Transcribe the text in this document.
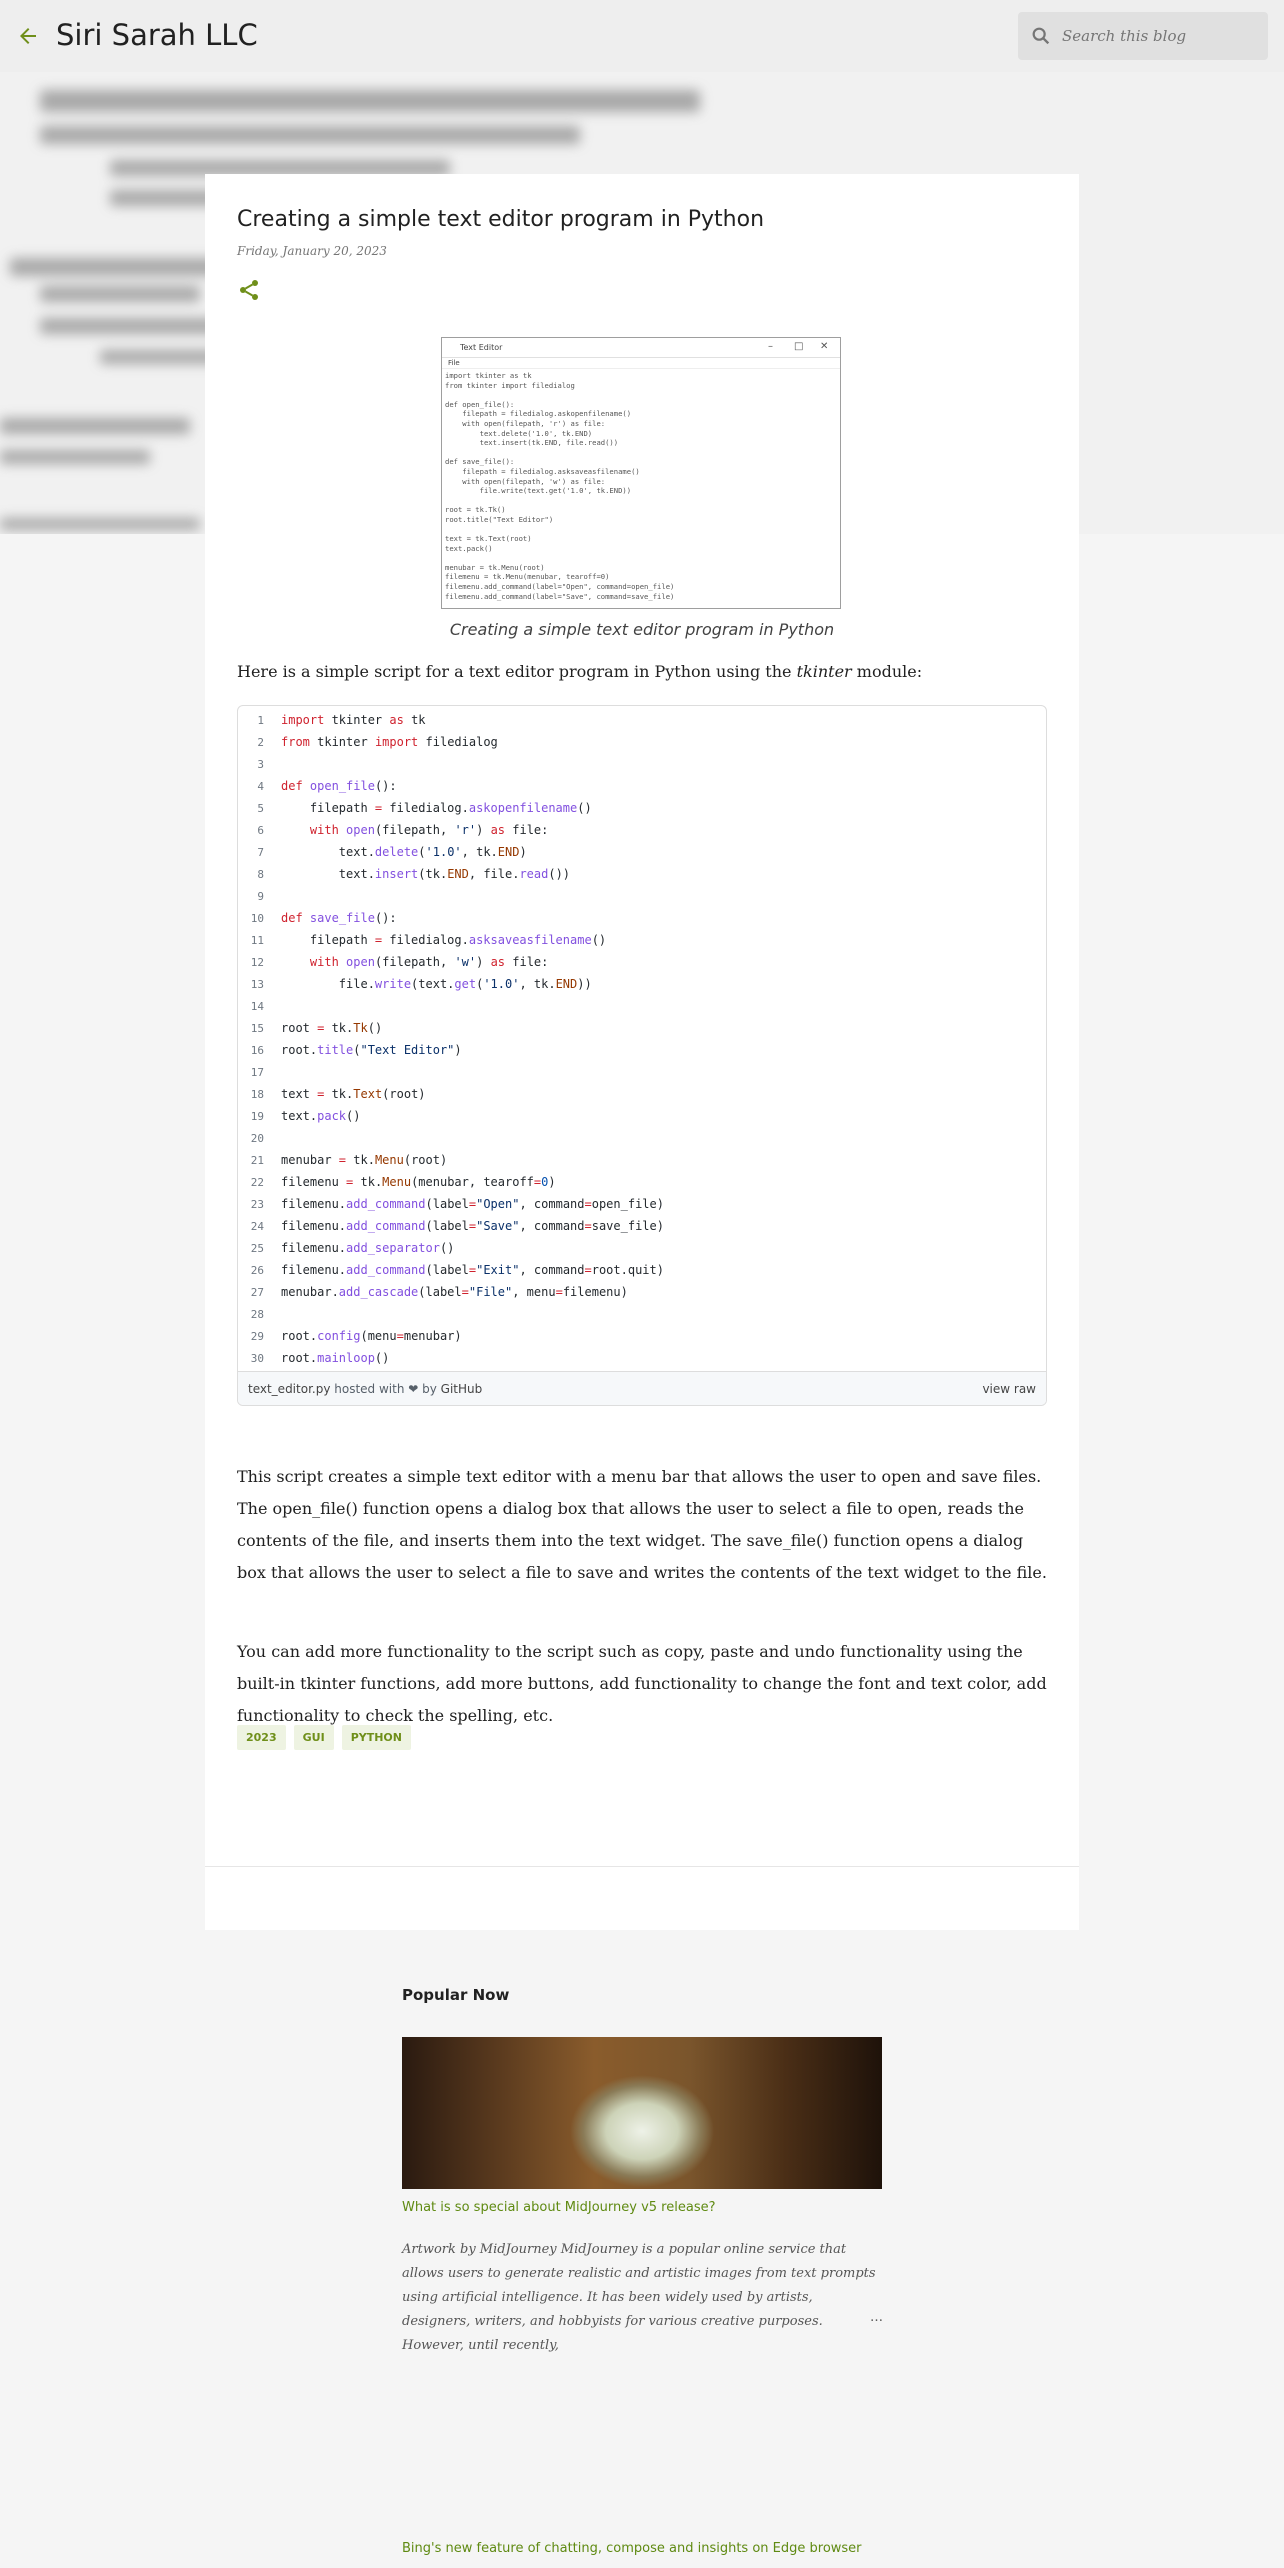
Siri Sarah LLC
Search this blog
Creating a simple text editor program in Python
Friday, January 20, 2023
Text Editor	– □ ✕
File
import tkinter as tk
from tkinter import filedialog

def open_file():
filepath = filedialog.askopenfilename()
with open(filepath, 'r') as file:
text.delete('1.0', tk.END)
text.insert(tk.END, file.read())

def save_file():
filepath = filedialog.asksaveasfilename()
with open(filepath, 'w') as file:
file.write(text.get('1.0', tk.END))

root = tk.Tk()
root.title("Text Editor")

text = tk.Text(root)
text.pack()

menubar = tk.Menu(root)
filemenu = tk.Menu(menubar, tearoff=0)
filemenu.add_command(label="Open", command=open_file)
filemenu.add_command(label="Save", command=save_file)
Creating a simple text editor program in Python
Here is a simple script for a text editor program in Python using the tkinter module:
1	import tkinter as tk
2	from tkinter import filedialog
3
4	def open_file():
5	filepath = filedialog.askopenfilename()
6	with open(filepath, 'r') as file:
7	text.delete('1.0', tk.END)
8	text.insert(tk.END, file.read())
9
10	def save_file():
11	filepath = filedialog.asksaveasfilename()
12	with open(filepath, 'w') as file:
13	file.write(text.get('1.0', tk.END))
14
15	root = tk.Tk()
16	root.title("Text Editor")
17
18	text = tk.Text(root)
19	text.pack()
20
21	menubar = tk.Menu(root)
22	filemenu = tk.Menu(menubar, tearoff=0)
23	filemenu.add_command(label="Open", command=open_file)
24	filemenu.add_command(label="Save", command=save_file)
25	filemenu.add_separator()
26	filemenu.add_command(label="Exit", command=root.quit)
27	menubar.add_cascade(label="File", menu=filemenu)
28
29	root.config(menu=menubar)
30	root.mainloop()
text_editor.py hosted with ❤ by GitHub	view raw
This script creates a simple text editor with a menu bar that allows the user to open and save files. The open_file() function opens a dialog box that allows the user to select a file to open, reads the contents of the file, and inserts them into the text widget. The save_file() function opens a dialog box that allows the user to select a file to save and writes the contents of the text widget to the file.
You can add more functionality to the script such as copy, paste and undo functionality using the built-in tkinter functions, add more buttons, add functionality to change the font and text color, add functionality to check the spelling, etc.
2023	GUI	PYTHON
Popular Now
What is so special about MidJourney v5 release?
Artwork by MidJourney MidJourney is a popular online service that allows users to generate realistic and artistic images from text prompts using artificial intelligence. It has been widely used by artists, designers, writers, and hobbyists for various creative purposes. However, until recently,
…
Bing's new feature of chatting, compose and insights on Edge browser
